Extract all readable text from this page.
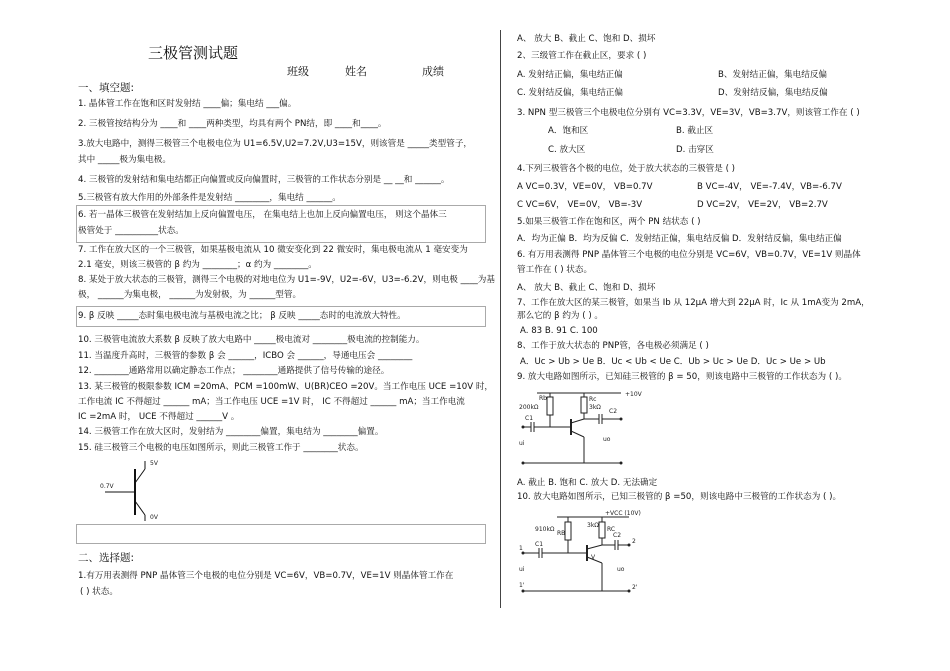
三极管测试题
班级	姓名	成绩
一、填空题:
1. 晶体管工作在饱和区时发射结 ____偏；集电结 ___偏。
2. 三极管按结构分为 ____和 ____两种类型，均具有两个 PN结，即 ____和____。
3.放大电路中，测得三极管三个电极电位为 U1=6.5V,U2=7.2V,U3=15V，则该管是 _____类型管子，
其中 _____极为集电极。
4. 三极管的发射结和集电结都正向偏置或反向偏置时，三极管的工作状态分别是 __ __和 ______。
5.三极管有放大作用的外部条件是发射结 ________，集电结 ______。
6. 若一晶体三极管在发射结加上反向偏置电压， 在集电结上也加上反向偏置电压， 则这个晶体三
极管处于 __________状态。
7. 工作在放大区的一个三极管，如果基极电流从 10 微安变化到 22 微安时，集电极电流从 1 毫安变为
2.1 毫安，则该三极管的 β 约为 ________；α 约为 ________。
8. 某处于放大状态的三极管，测得三个电极的对地电位为 U1=-9V，U2=-6V，U3=-6.2V，则电极 ____为基
极， ______为集电极， ______为发射极，为 ______型管。
9. β 反映 _____态时集电极电流与基极电流之比； β 反映 _____态时的电流放大特性。
10. 三极管电流放大系数 β 反映了放大电路中 _____极电流对 ________极电流的控制能力。
11. 当温度升高时，三极管的参数 β 会 ______，ICBO 会 ______，导通电压会 ________
12. ________通路常用以确定静态工作点； ________通路提供了信号传输的途径。
13. 某三极管的极限参数 ICM =20mA、PCM =100mW、U(BR)CEO =20V。当工作电压 UCE =10V 时，
工作电流 IC 不得超过 ______ mA；当工作电压 UCE =1V 时， IC 不得超过 ______ mA；当工作电流
IC =2mA 时， UCE 不得超过 ______V 。
14. 三极管工作在放大区时，发射结为 ________偏置，集电结为 ________偏置。
15. 硅三极管三个电极的电压如图所示，则此三极管工作于 ________状态。
5V
0.7V
0V
二、选择题:
1.有万用表测得 PNP 晶体管三个电极的电位分别是 VC=6V，VB=0.7V，VE=1V 则晶体管工作在
( ) 状态。
A、 放大 B、截止 C、饱和 D、损坏
2、三级管工作在截止区，要求 ( )
A. 发射结正偏，集电结正偏	B、发射结正偏，集电结反偏
C. 发射结反偏，集电结正偏	D、发射结反偏，集电结反偏
3. NPN 型三极管三个电极电位分别有 VC=3.3V，VE=3V，VB=3.7V，则该管工作在 ( )
A．饱和区	B. 截止区
C. 放大区	D. 击穿区
4.下列三极管各个极的电位，处于放大状态的三极管是 ( )
A VC=0.3V，VE=0V， VB=0.7V	B VC=-4V， VE=-7.4V，VB=-6.7V
C VC=6V， VE=0V， VB=-3V	D VC=2V， VE=2V， VB=2.7V
5.如果三极管工作在饱和区，两个 PN 结状态 ( )
A．均为正偏 B．均为反偏 C．发射结正偏，集电结反偏 D．发射结反偏，集电结正偏
6. 有万用表测得 PNP 晶体管三个电极的电位分别是 VC=6V，VB=0.7V，VE=1V 则晶体
管工作在 ( ) 状态。
A、 放大 B、截止 C、饱和 D、损坏
7、工作在放大区的某三极管，如果当 Ib 从 12μA 增大到 22μA 时，Ic 从 1mA变为 2mA，
那么它的 β 约为 ( ) 。
A. 83 B. 91 C. 100
8、工作于放大状态的 PNP管，各电极必须满足 ( )
A．Uc > Ub > Ue B．Uc < Ub < Ue C．Ub > Uc > Ue D．Uc > Ue > Ub
9. 放大电路如图所示，已知硅三极管的 β = 50，则该电路中三极管的工作状态为 ( )。
Rb
200kΩ
Rc
3kΩ
+10V
C1
C2
ui
uo
A. 截止 B. 饱和 C. 放大 D. 无法确定
10. 放大电路如图所示，已知三极管的 β =50，则该电路中三极管的工作状态为 ( )。
+VCC (10V)
910kΩ
RB
3kΩ
RC
C1
C2
V
1
2
1'	2'
ui	uo
